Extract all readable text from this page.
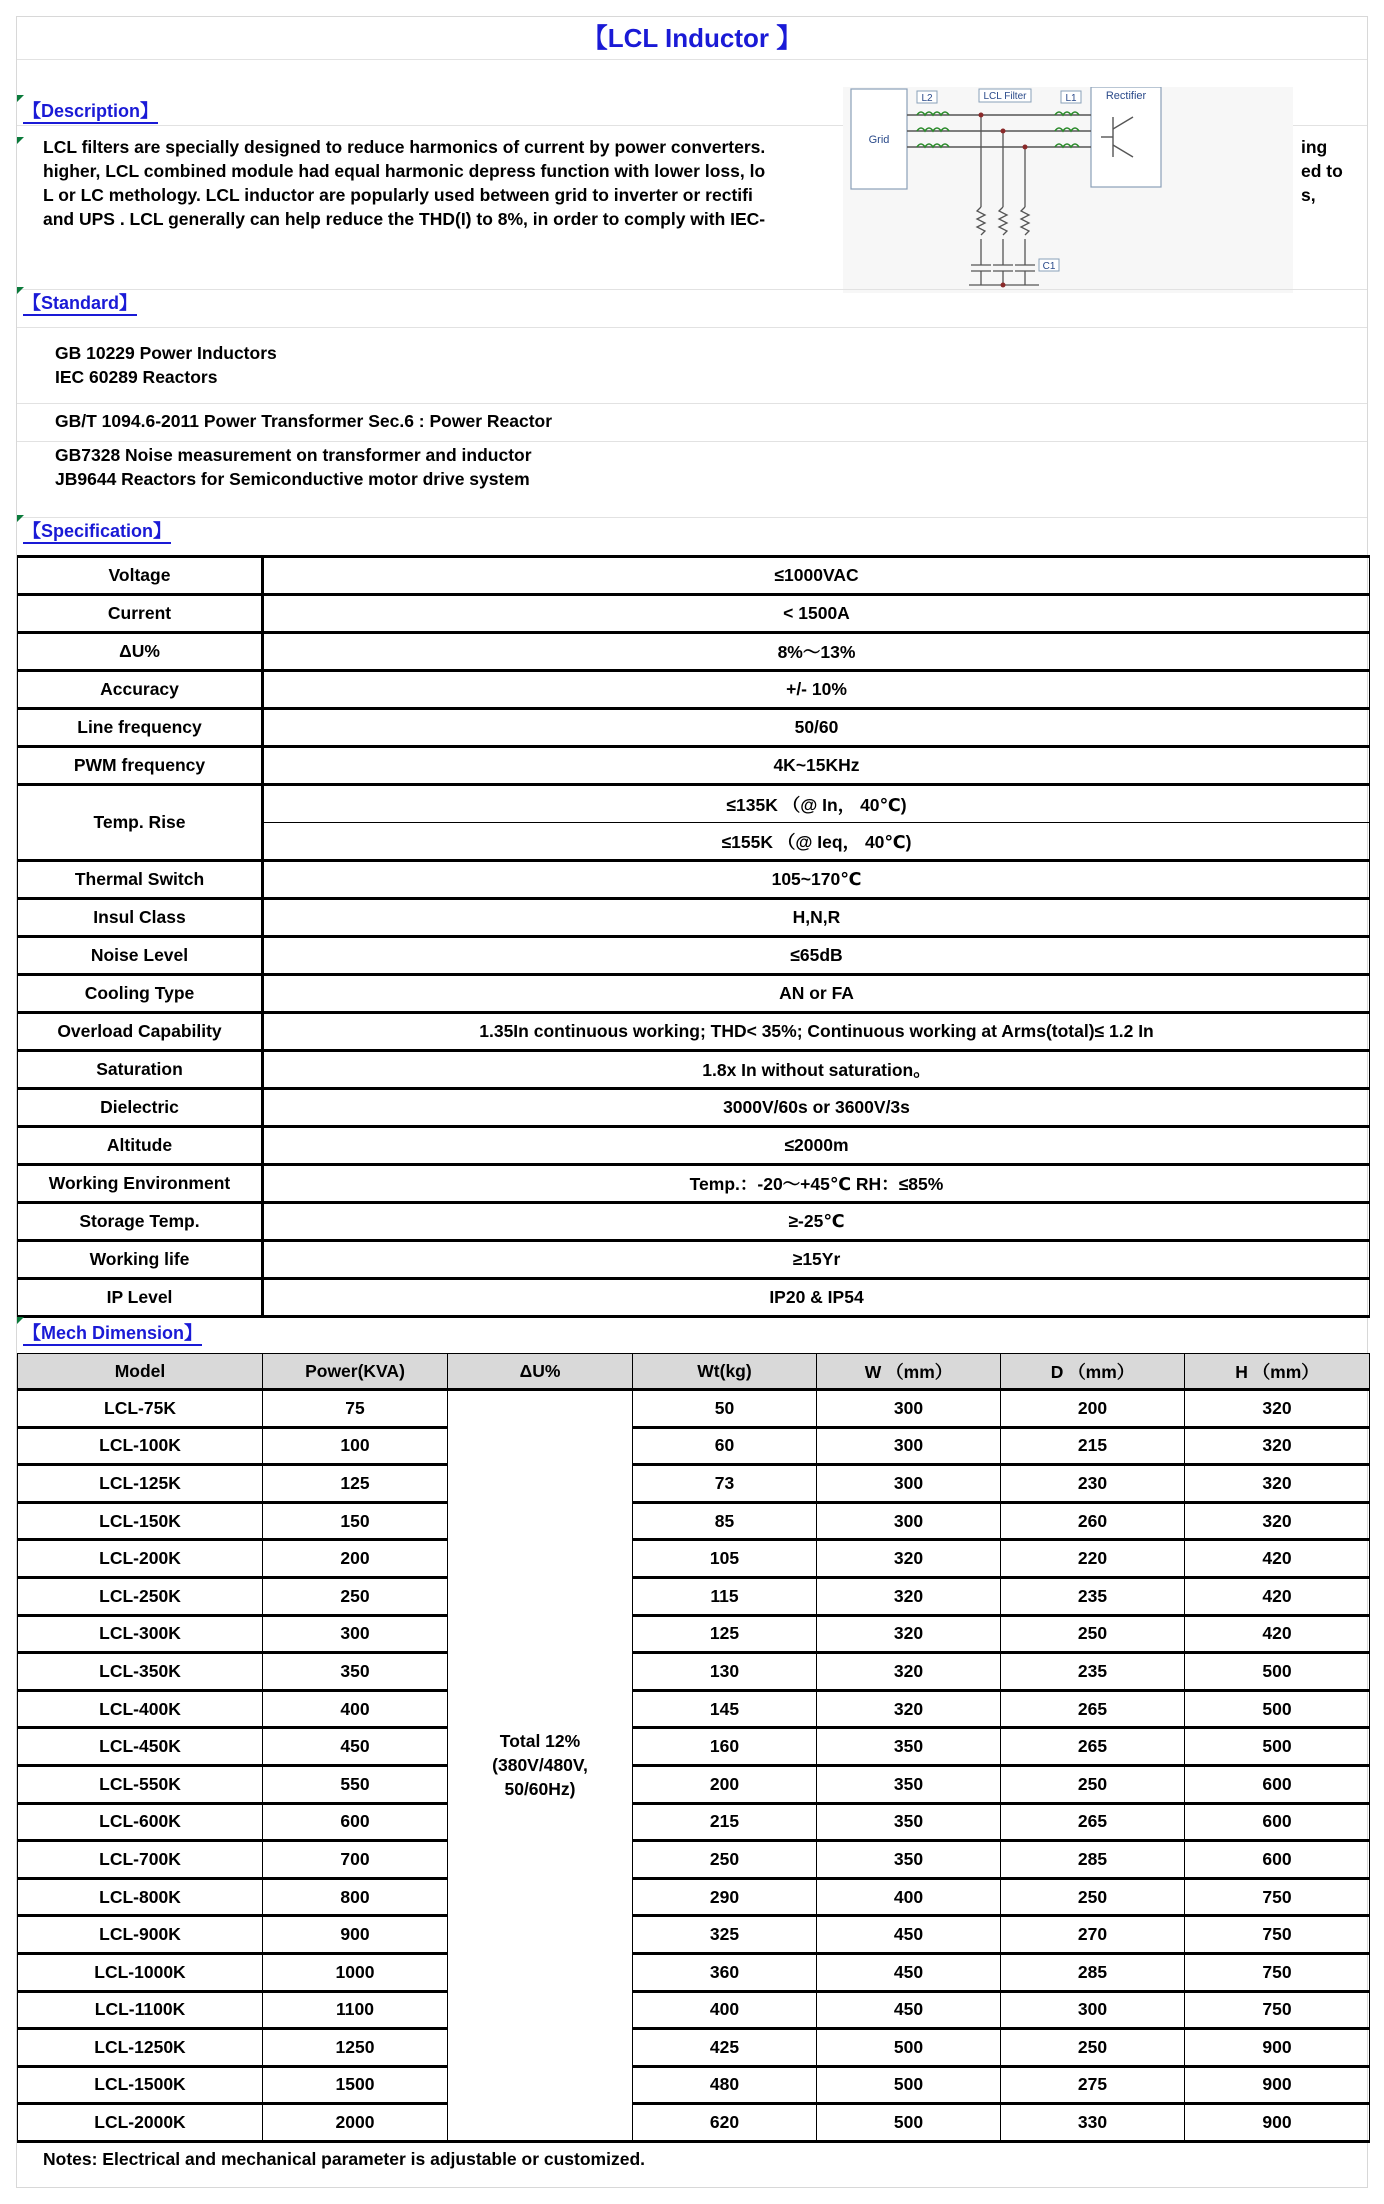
【LCL Inductor 】
【Description】
LCL filters are specially designed to reduce harmonics of current by power converters.
higher, LCL combined module had equal harmonic depress function with lower loss, lo
L or LC methology. LCL inductor are popularly used between grid to inverter or rectifi
and UPS . LCL generally can help reduce the THD(I) to 8%, in order to comply with IEC-
ing
ed to
s,
Grid
Rectifier
L2	LCL Filter	L1
C1
【Standard】
GB 10229 Power Inductors
IEC 60289 Reactors
GB/T 1094.6-2011 Power Transformer Sec.6 : Power Reactor
GB7328 Noise measurement on transformer and inductor
JB9644 Reactors for Semiconductive motor drive system
【Specification】
Voltage	≤1000VAC
Current	< 1500A
ΔU%	8%～13%
Accuracy	+/- 10%
Line frequency	50/60
PWM frequency	4K~15KHz
Temp. Rise	≤135K （@ In， 40℃)
	≤155K （@ Ieq， 40℃)
Thermal Switch	105~170℃
Insul Class	H,N,R
Noise Level	≤65dB
Cooling Type	AN or FA
Overload Capability	1.35In continuous working; THD< 35%; Continuous working at Arms(total)≤ 1.2 In
Saturation	1.8x In without saturation。
Dielectric	3000V/60s or 3600V/3s
Altitude	≤2000m
Working Environment	Temp.：-20～+45℃ RH：≤85%
Storage Temp.	≥-25℃
Working life	≥15Yr
IP Level	IP20 & IP54
【Mech Dimension】
Model	Power(KVA)	ΔU%	Wt(kg)	W （mm）	D （mm）	H （mm）
LCL-75K	75	Total 12% (380V/480V, 50/60Hz)	50	300	200	320
LCL-100K	100		60	300	215	320
LCL-125K	125		73	300	230	320
LCL-150K	150		85	300	260	320
LCL-200K	200		105	320	220	420
LCL-250K	250		115	320	235	420
LCL-300K	300		125	320	250	420
LCL-350K	350		130	320	235	500
LCL-400K	400		145	320	265	500
LCL-450K	450		160	350	265	500
LCL-550K	550		200	350	250	600
LCL-600K	600		215	350	265	600
LCL-700K	700		250	350	285	600
LCL-800K	800		290	400	250	750
LCL-900K	900		325	450	270	750
LCL-1000K	1000		360	450	285	750
LCL-1100K	1100		400	450	300	750
LCL-1250K	1250		425	500	250	900
LCL-1500K	1500		480	500	275	900
LCL-2000K	2000		620	500	330	900
Notes: Electrical and mechanical parameter is adjustable or customized.
